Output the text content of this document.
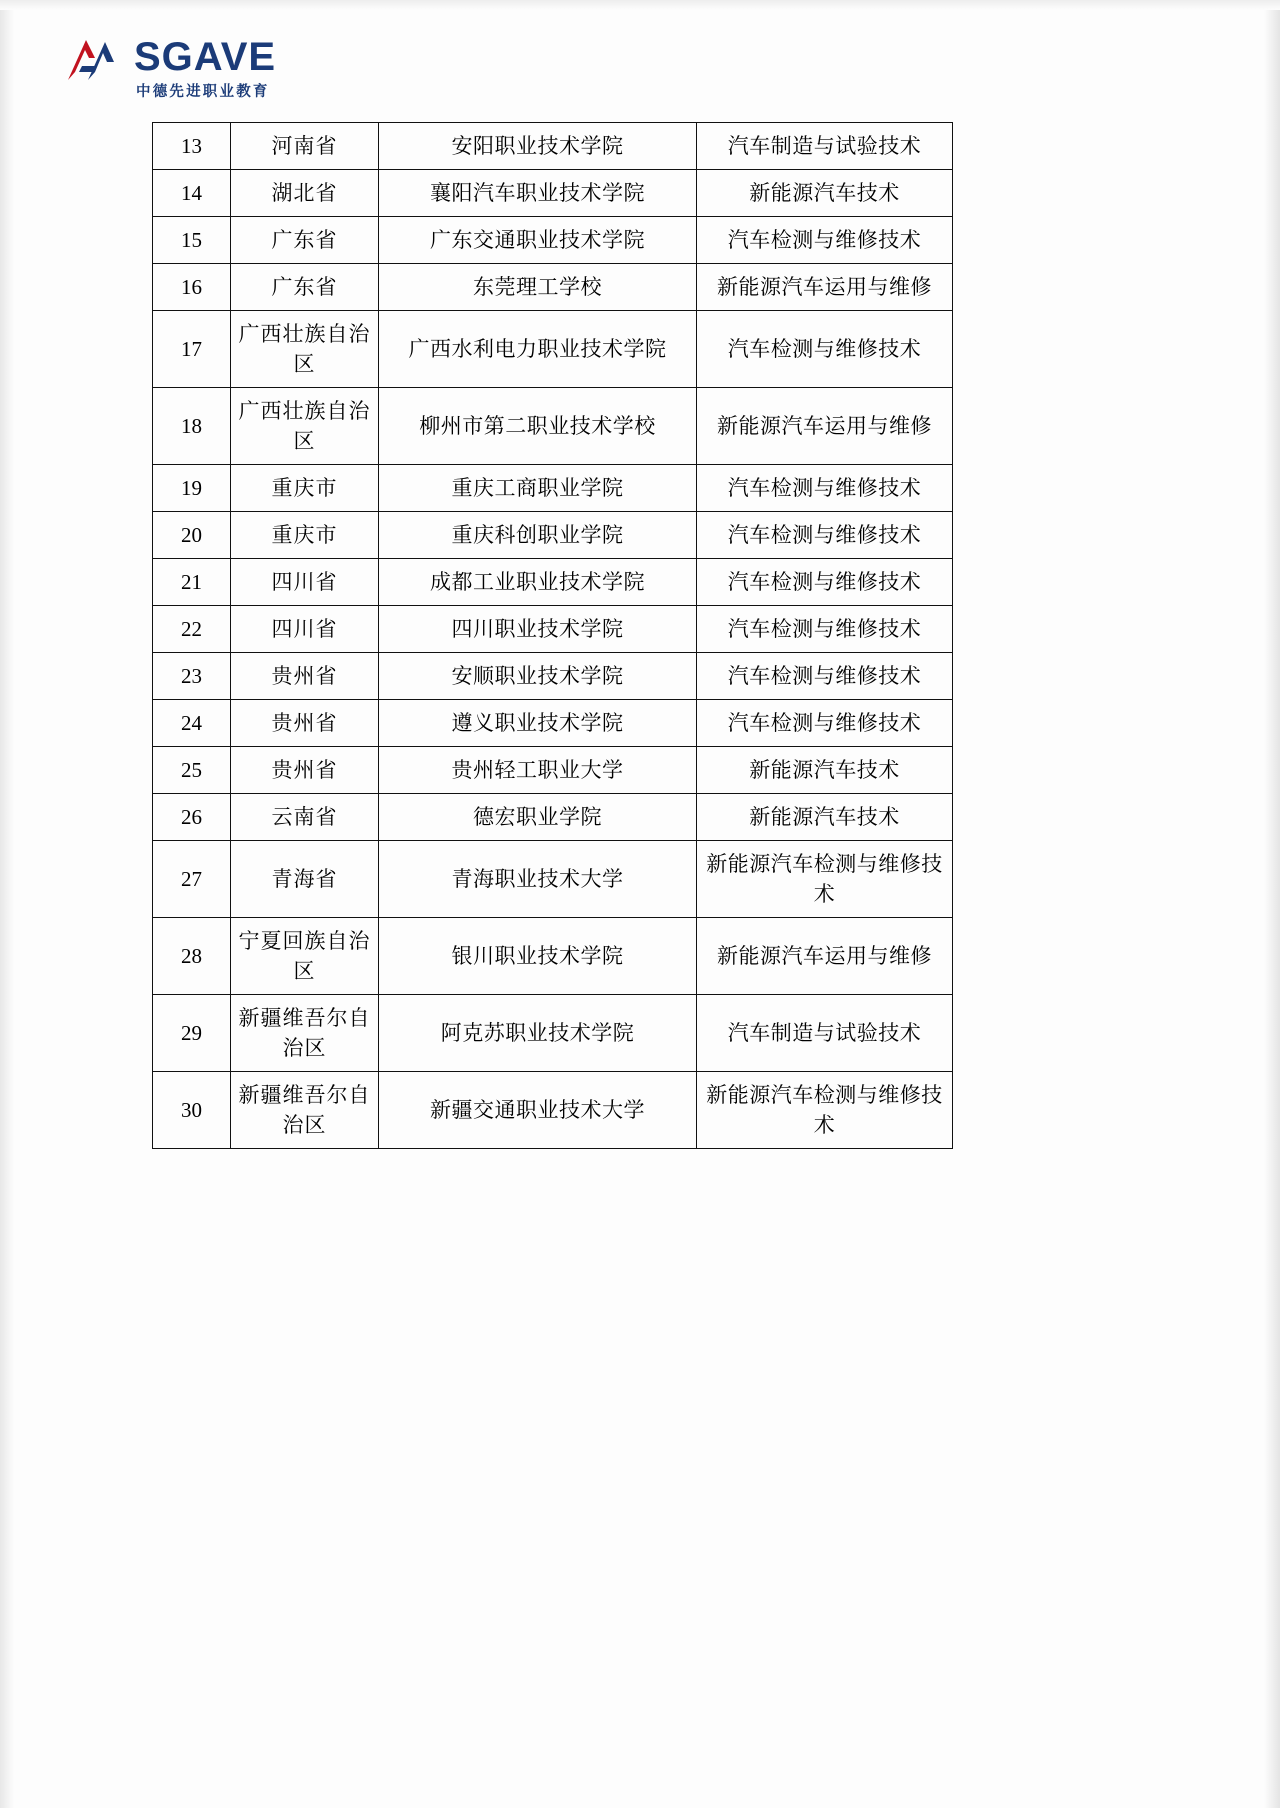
SGAVE
中德先进职业教育
13	河南省	安阳职业技术学院	汽车制造与试验技术
14	湖北省	襄阳汽车职业技术学院	新能源汽车技术
15	广东省	广东交通职业技术学院	汽车检测与维修技术
16	广东省	东莞理工学校	新能源汽车运用与维修
17	广西壮族自治区	广西水利电力职业技术学院	汽车检测与维修技术
18	广西壮族自治区	柳州市第二职业技术学校	新能源汽车运用与维修
19	重庆市	重庆工商职业学院	汽车检测与维修技术
20	重庆市	重庆科创职业学院	汽车检测与维修技术
21	四川省	成都工业职业技术学院	汽车检测与维修技术
22	四川省	四川职业技术学院	汽车检测与维修技术
23	贵州省	安顺职业技术学院	汽车检测与维修技术
24	贵州省	遵义职业技术学院	汽车检测与维修技术
25	贵州省	贵州轻工职业大学	新能源汽车技术
26	云南省	德宏职业学院	新能源汽车技术
27	青海省	青海职业技术大学	新能源汽车检测与维修技术
28	宁夏回族自治区	银川职业技术学院	新能源汽车运用与维修
29	新疆维吾尔自治区	阿克苏职业技术学院	汽车制造与试验技术
30	新疆维吾尔自治区	新疆交通职业技术大学	新能源汽车检测与维修技术
